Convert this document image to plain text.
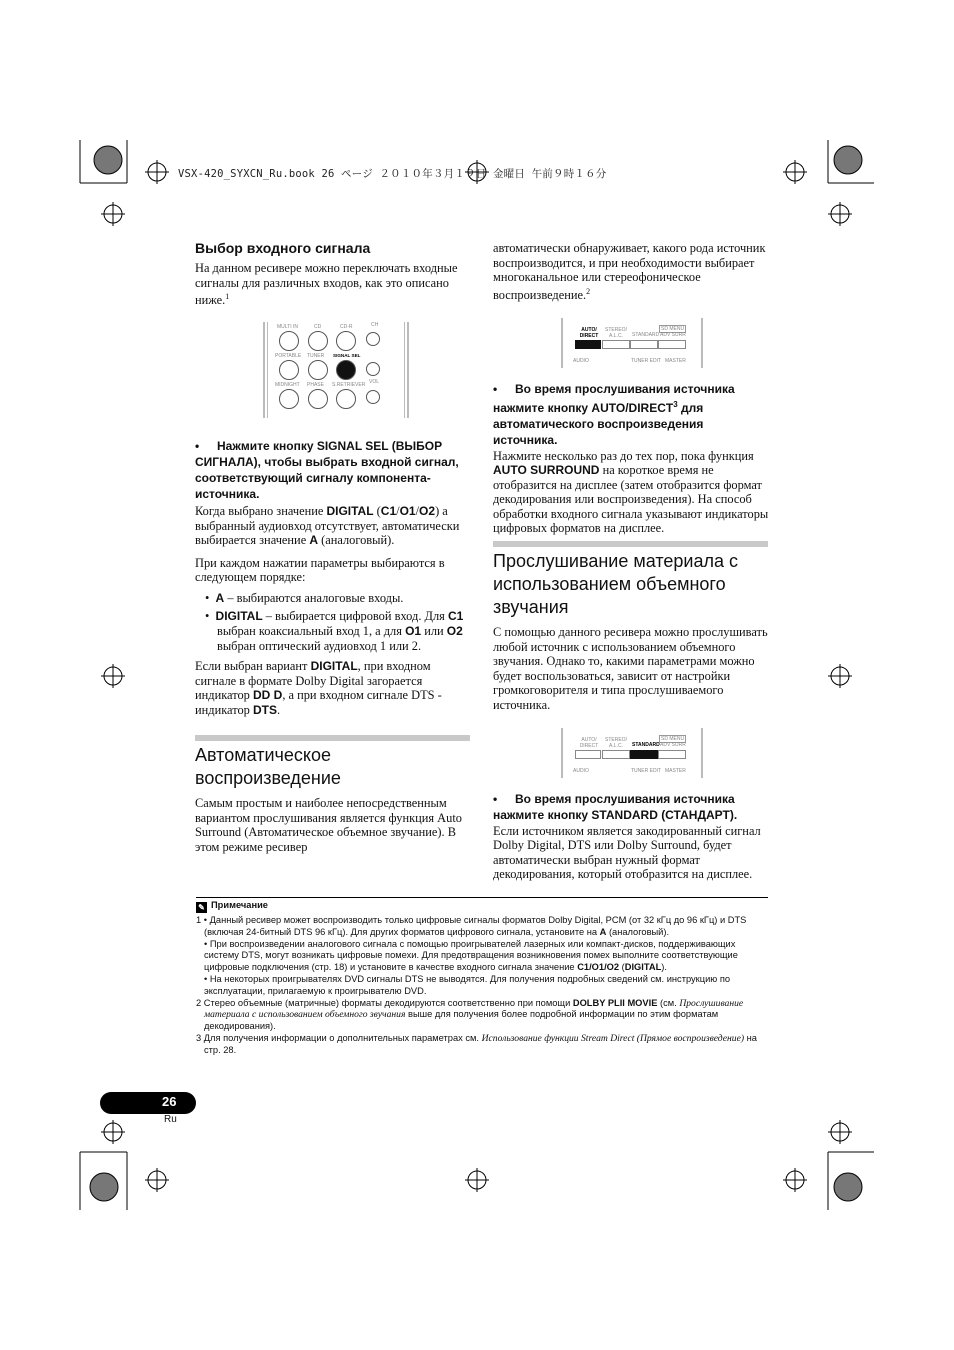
VSX-420_SYXCN_Ru.book 26 ページ ２０１０年３月１９日 金曜日 午前９時１６分
Выбор входного сигнала

На данном ресивере можно переключать входные сигналы для различных входов, как это описано ниже.$^1$

MULTI IN	CD	CD-R	CH
PORTABLE TUNER SIGNAL SEL
MIDNIGHT PHASE S.RETRIEVER VOL

• Нажмите кнопку SIGNAL SEL (ВЫБОР СИГНАЛА), чтобы выбрать входной сигнал, соответствующий сигналу компонента-источника.

Когда выбрано значение DIGITAL (C1/O1/O2) а выбранный аудиовход отсутствует, автоматически выбирается значение A (аналоговый).

При каждом нажатии параметры выбираются в следующем порядке:

•  A – выбираются аналоговые входы.

•  DIGITAL – выбирается цифровой вход. Для C1 выбран коаксиальный вход 1, а для O1 или O2 выбран оптический аудиовход 1 или 2.

Если выбран вариант DIGITAL, при входном сигнале в формате Dolby Digital загорается индикатор DD D, а при входном сигнале DTS - индикатор DTS.

Автоматическое воспроизведение

Самым простым и наиболее непосредственным вариантом прослушивания является функция Auto Surround (Автоматическое объемное звучание). В этом режиме ресивер

автоматически обнаруживает, какого рода источник воспроизводится, и при необходимости выбирает многоканальное или стереофоническое воспроизведение.$^2$

AUTO/ DIRECT
STEREO/ A.L.C.	STANDARD
SD MENU
ADV SURR
AUDIO	TUNER EDIT MASTER

• Во время прослушивания источника нажмите кнопку AUTO/DIRECT$^3$ для автоматического воспроизведения источника.

Нажмите несколько раз до тех пор, пока функция AUTO SURROUND на короткое время не отобразится на дисплее (затем отобразится формат декодирования или воспроизведения). На способ обработки входного сигнала указывают индикаторы цифровых форматов на дисплее.

Прослушивание материала с использованием объемного звучания

С помощью данного ресивера можно прослушивать любой источник с использованием объемного звучания. Однако то, какими параметрами можно будет воспользоваться, зависит от настройки громкоговорителя и типа прослушиваемого источника.

AUTO/ DIRECT
STEREO/ A.L.C.	STANDARD
SD MENU
ADV SURR
AUDIO	TUNER EDIT MASTER

• Во время прослушивания источника нажмите кнопку STANDARD (СТАНДАРТ).

Если источником является закодированный сигнал Dolby Digital, DTS или Dolby Surround, будет автоматически выбран нужный формат декодирования, который отобразится на дисплее.

✎ Примечание
1 • Данный ресивер может воспроизводить только цифровые сигналы форматов Dolby Digital, PCM (от 32 кГц до 96 кГц) и DTS (включая 24-битный DTS 96 кГц). Для других форматов цифрового сигнала, установите на A (аналоговый).
• При воспроизведении аналогового сигнала с помощью проигрывателей лазерных или компакт-дисков, поддерживающих систему DTS, могут возникать цифровые помехи. Для предотвращения возникновения помех выполните соответствующие цифровые подключения (стр. 18) и установите в качестве входного сигнала значение C1/O1/O2 (DIGITAL).
• На некоторых проигрывателях DVD сигналы DTS не выводятся. Для получения подробных сведений см. инструкцию по эксплуатации, прилагаемую к проигрывателю DVD.
2 Стерео объемные (матричные) форматы декодируются соответственно при помощи DOLBY PLII MOVIE (см. Прослушивание материала с использованием объемного звучания выше для получения более подробной информации по этим форматам декодирования).
3 Для получения информации о дополнительных параметрах см. Использование функции Stream Direct (Прямое воспроизведение) на стр. 28.
26
Ru
